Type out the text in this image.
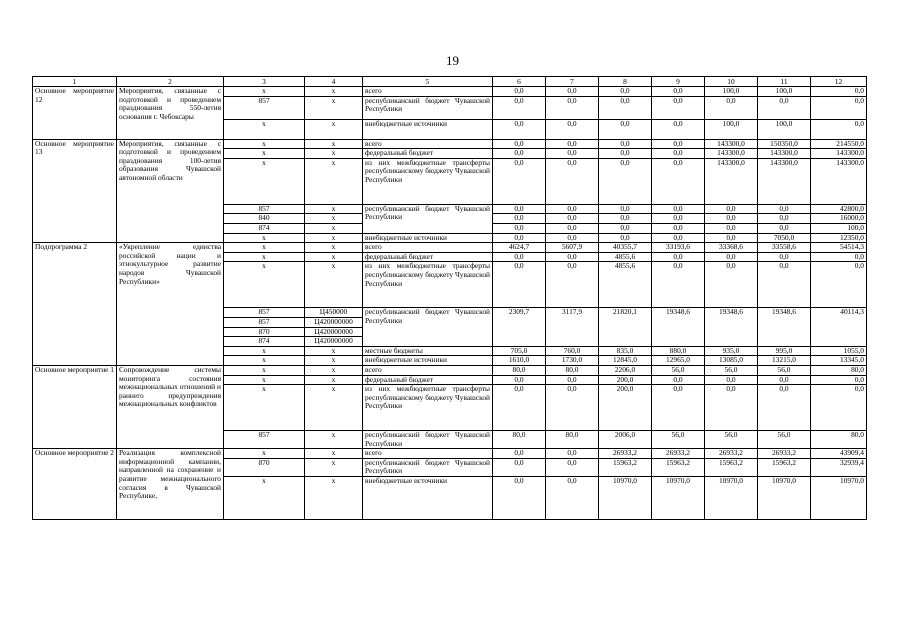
19
1	2	3	4	5	6	7	8	9	10	11	12
Основное мероприятие 12	Мероприятия, связанные с подготовкой и проведением празднования 550-летия основания г. Чебоксары	x	x	всего	0,0	0,0	0,0	0,0	100,0	100,0	0,0
		857	x	республиканский бюджет Чувашской Республики	0,0	0,0	0,0	0,0	0,0	0,0	0,0
		x	x	внебюджетные источники	0,0	0,0	0,0	0,0	100,0	100,0	0,0
Основное мероприятие 13	Мероприятия, связанные с подготовкой и проведением празднования 100-летия образования Чувашской автономной области	x	x	всего	0,0	0,0	0,0	0,0	143300,0	150350,0	214550,0
		x	x	федеральный бюджет	0,0	0,0	0,0	0,0	143300,0	143300,0	143300,0
		x	x	из них межбюджетные трансферты республиканскому бюджету Чувашской Республики	0,0	0,0	0,0	0,0	143300,0	143300,0	143300,0
		857	x	республиканский бюджет Чувашской Республики	0,0	0,0	0,0	0,0	0,0	0,0	42800,0
		840	x		0,0	0,0	0,0	0,0	0,0	0,0	16000,0
		874	x		0,0	0,0	0,0	0,0	0,0	0,0	100,0
		x	x	внебюджетные источники	0,0	0,0	0,0	0,0	0,0	7050,0	12350,0
Подпрограмма 2	«Укрепление единства российской нации и этнокультурное развитие народов Чувашской Республики»	x	x	всего	4624,7	5607,9	40355,7	33193,6	33368,6	33558,6	54514,3
		x	x	федеральный бюджет	0,0	0,0	4855,6	0,0	0,0	0,0	0,0
		x	x	из них межбюджетные трансферты республиканскому бюджету Чувашской Республики	0,0	0,0	4855,6	0,0	0,0	0,0	0,0
		857	Ц450000	республиканский бюджет Чувашской Республики	2309,7	3117,9	21820,1	19348,6	19348,6	19348,6	40114,3
		857	Ц420000000								
		870	Ц420000000								
		874	Ц420000000								
		x	x	местные бюджеты	705,0	760,0	835,0	880,0	935,0	995,0	1055,0
		x	x	внебюджетные источники	1610,0	1730,0	12845,0	12965,0	13085,0	13215,0	13345,0
Основное мероприятие 1	Сопровождение системы мониторинга состояния межнациональных отношений и раннего предупреждения межнациональных конфликтов	x	x	всего	80,0	80,0	2206,0	56,0	56,0	56,0	80,0
		x	x	федеральный бюджет	0,0	0,0	200,0	0,0	0,0	0,0	0,0
		x	x	из них межбюджетные трансферты республиканскому бюджету Чувашской Республики	0,0	0,0	200,0	0,0	0,0	0,0	0,0
		857	x	республиканский бюджет Чувашской Республики	80,0	80,0	2006,0	56,0	56,0	56,0	80,0
Основное мероприятие 2	Реализация комплексной информационной кампании, направленной на сохранение и развитие межнационального согласия в Чувашской Республике,	x	x	всего	0,0	0,0	26933,2	26933,2	26933,2	26933,2	43909,4
		870	x	республиканский бюджет Чувашской Республики	0,0	0,0	15963,2	15963,2	15963,2	15963,2	32939,4
		x	x	внебюджетные источники	0,0	0,0	10970,0	10970,0	10970,0	10970,0	10970,0
